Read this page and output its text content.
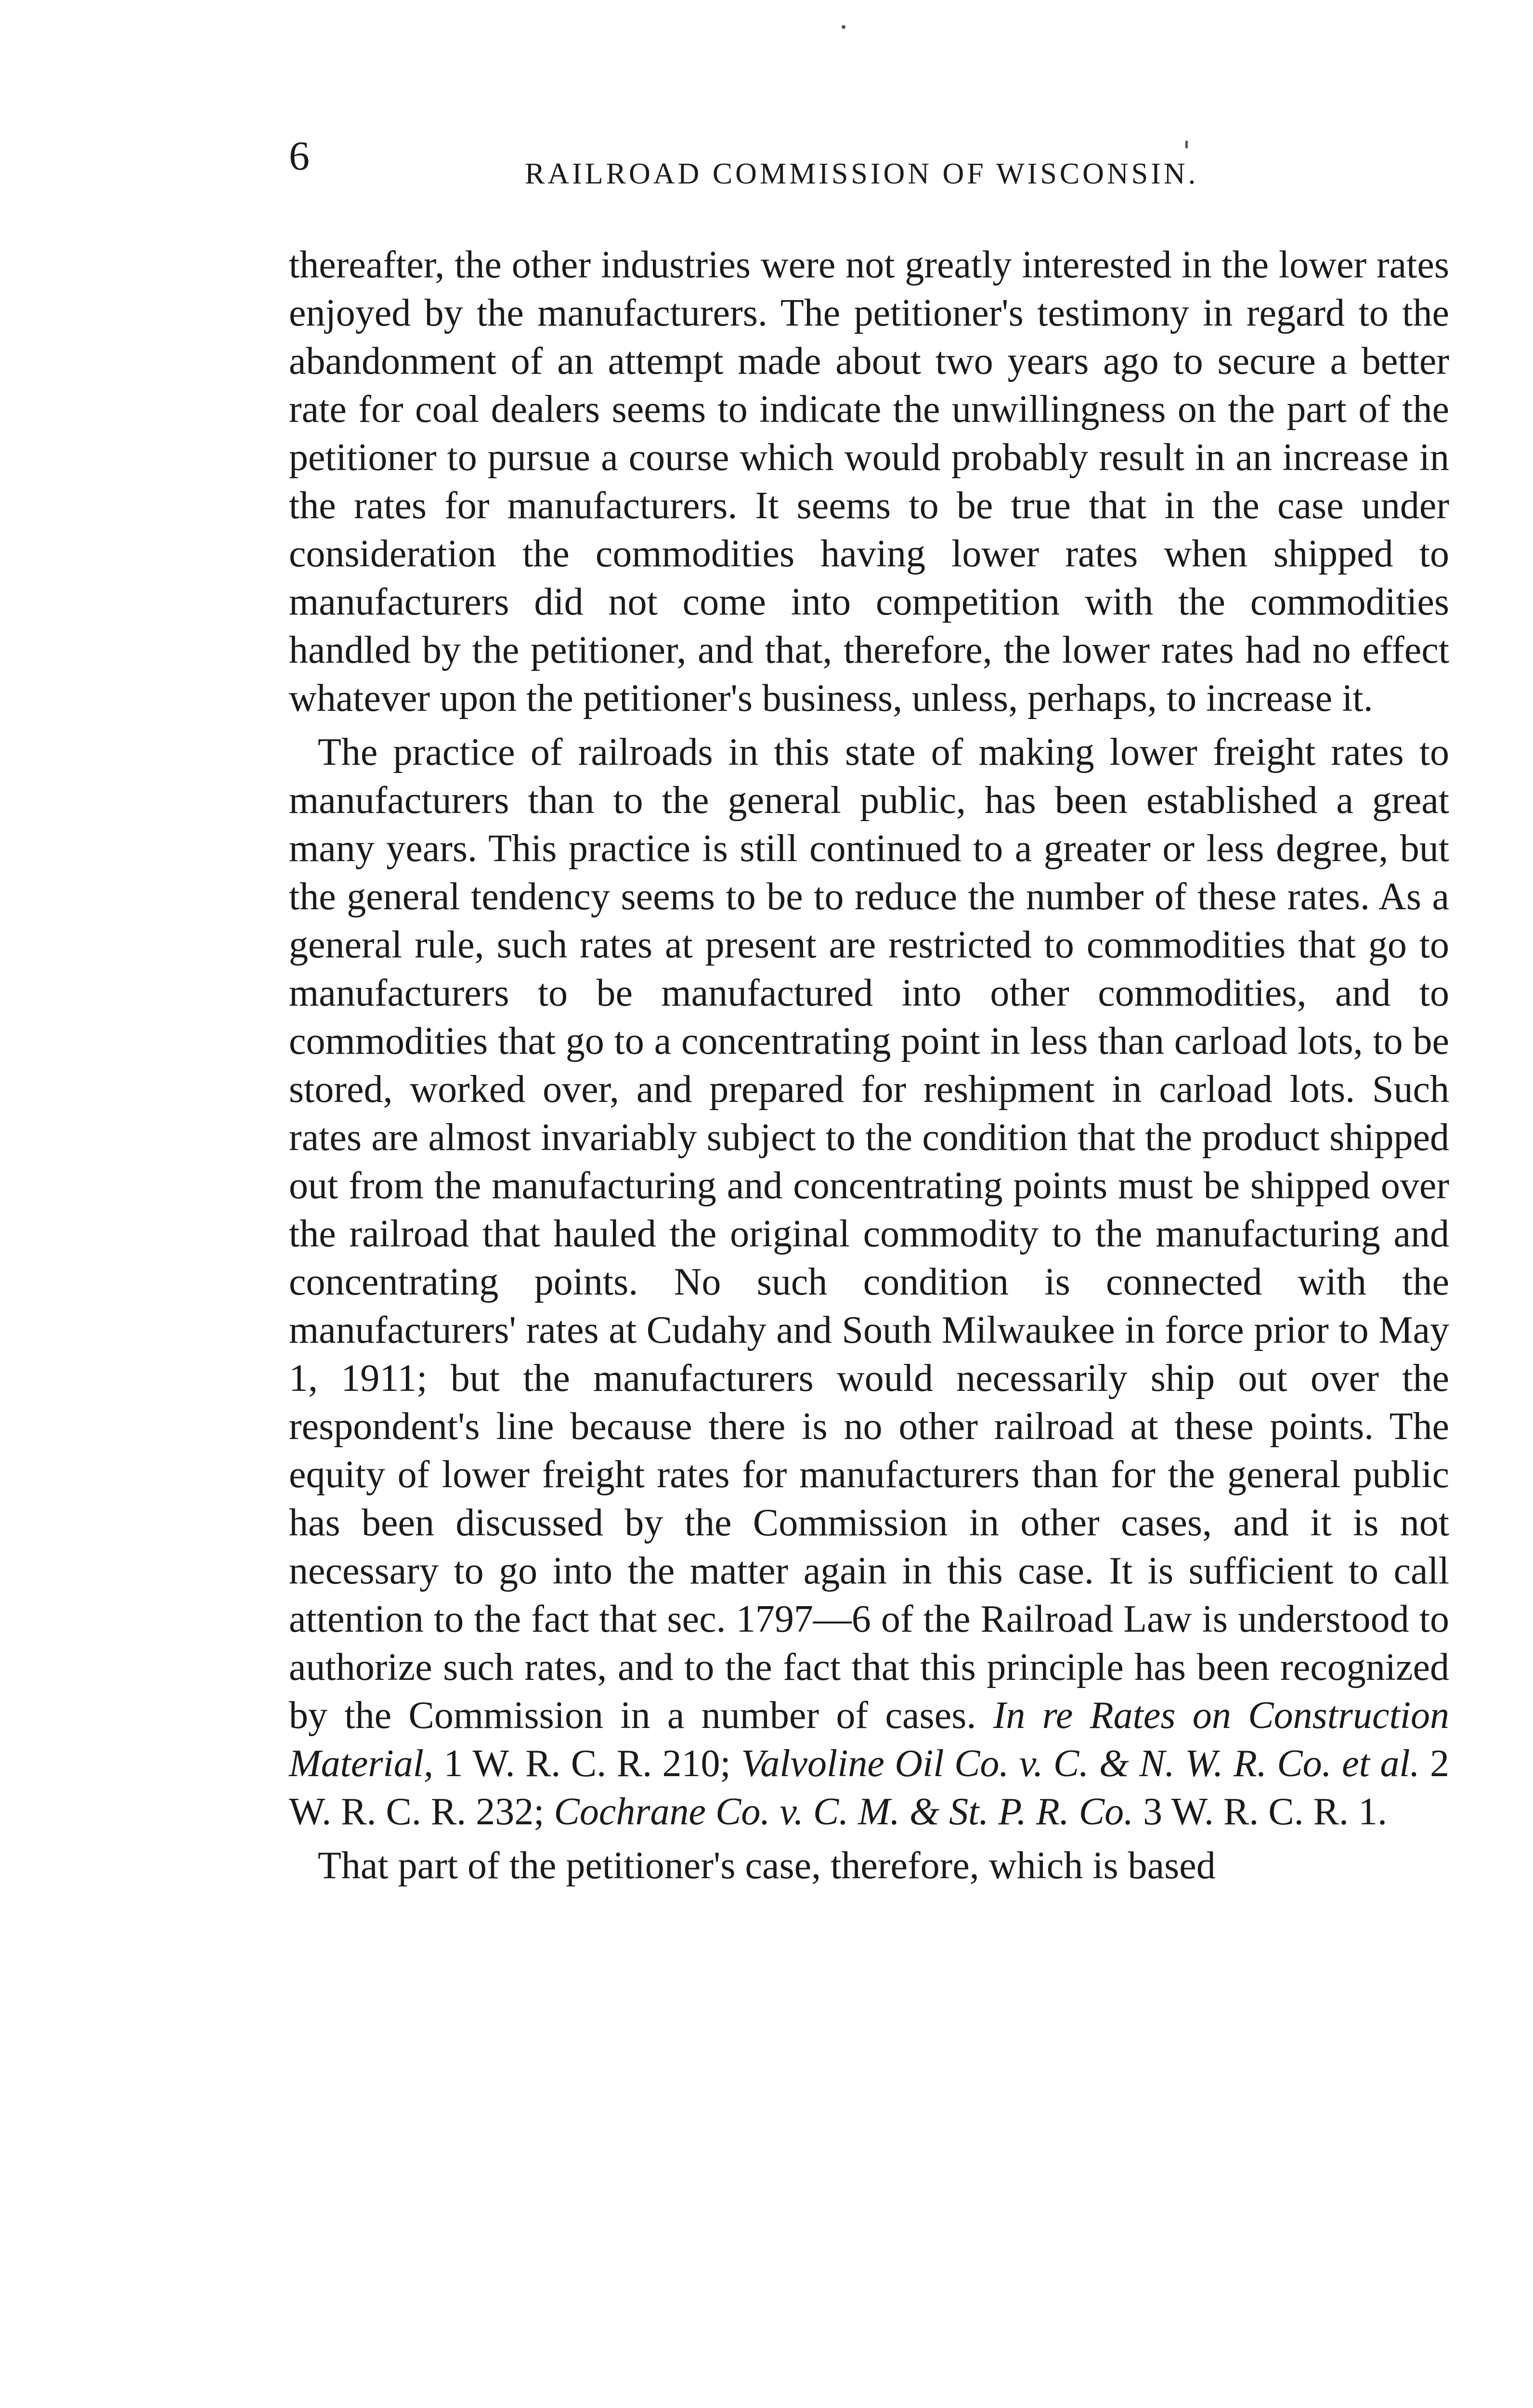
6	RAILROAD COMMISSION OF WISCONSIN.

thereafter, the other industries were not greatly interested in the lower rates enjoyed by the manufacturers. The petitioner's testimony in regard to the abandonment of an attempt made about two years ago to secure a better rate for coal dealers seems to indicate the unwillingness on the part of the petitioner to pursue a course which would probably result in an increase in the rates for manufacturers. It seems to be true that in the case under consideration the commodities having lower rates when shipped to manufacturers did not come into competition with the commodities handled by the petitioner, and that, therefore, the lower rates had no effect whatever upon the petitioner's business, unless, perhaps, to increase it.

The practice of railroads in this state of making lower freight rates to manufacturers than to the general public, has been established a great many years. This practice is still continued to a greater or less degree, but the general tendency seems to be to reduce the number of these rates. As a general rule, such rates at present are restricted to commodities that go to manufacturers to be manufactured into other commodities, and to commodities that go to a concentrating point in less than carload lots, to be stored, worked over, and prepared for reshipment in carload lots. Such rates are almost invariably subject to the condition that the product shipped out from the manufacturing and concentrating points must be shipped over the railroad that hauled the original commodity to the manufacturing and concentrating points. No such condition is connected with the manufacturers' rates at Cudahy and South Milwaukee in force prior to May 1, 1911; but the manufacturers would necessarily ship out over the respondent's line because there is no other railroad at these points. The equity of lower freight rates for manufacturers than for the general public has been discussed by the Commission in other cases, and it is not necessary to go into the matter again in this case. It is sufficient to call attention to the fact that sec. 1797—6 of the Railroad Law is understood to authorize such rates, and to the fact that this principle has been recognized by the Commission in a number of cases. In re Rates on Construction Material, 1 W. R. C. R. 210; Valvoline Oil Co. v. C. & N. W. R. Co. et al. 2 W. R. C. R. 232; Cochrane Co. v. C. M. & St. P. R. Co. 3 W. R. C. R. 1.

That part of the petitioner's case, therefore, which is based
